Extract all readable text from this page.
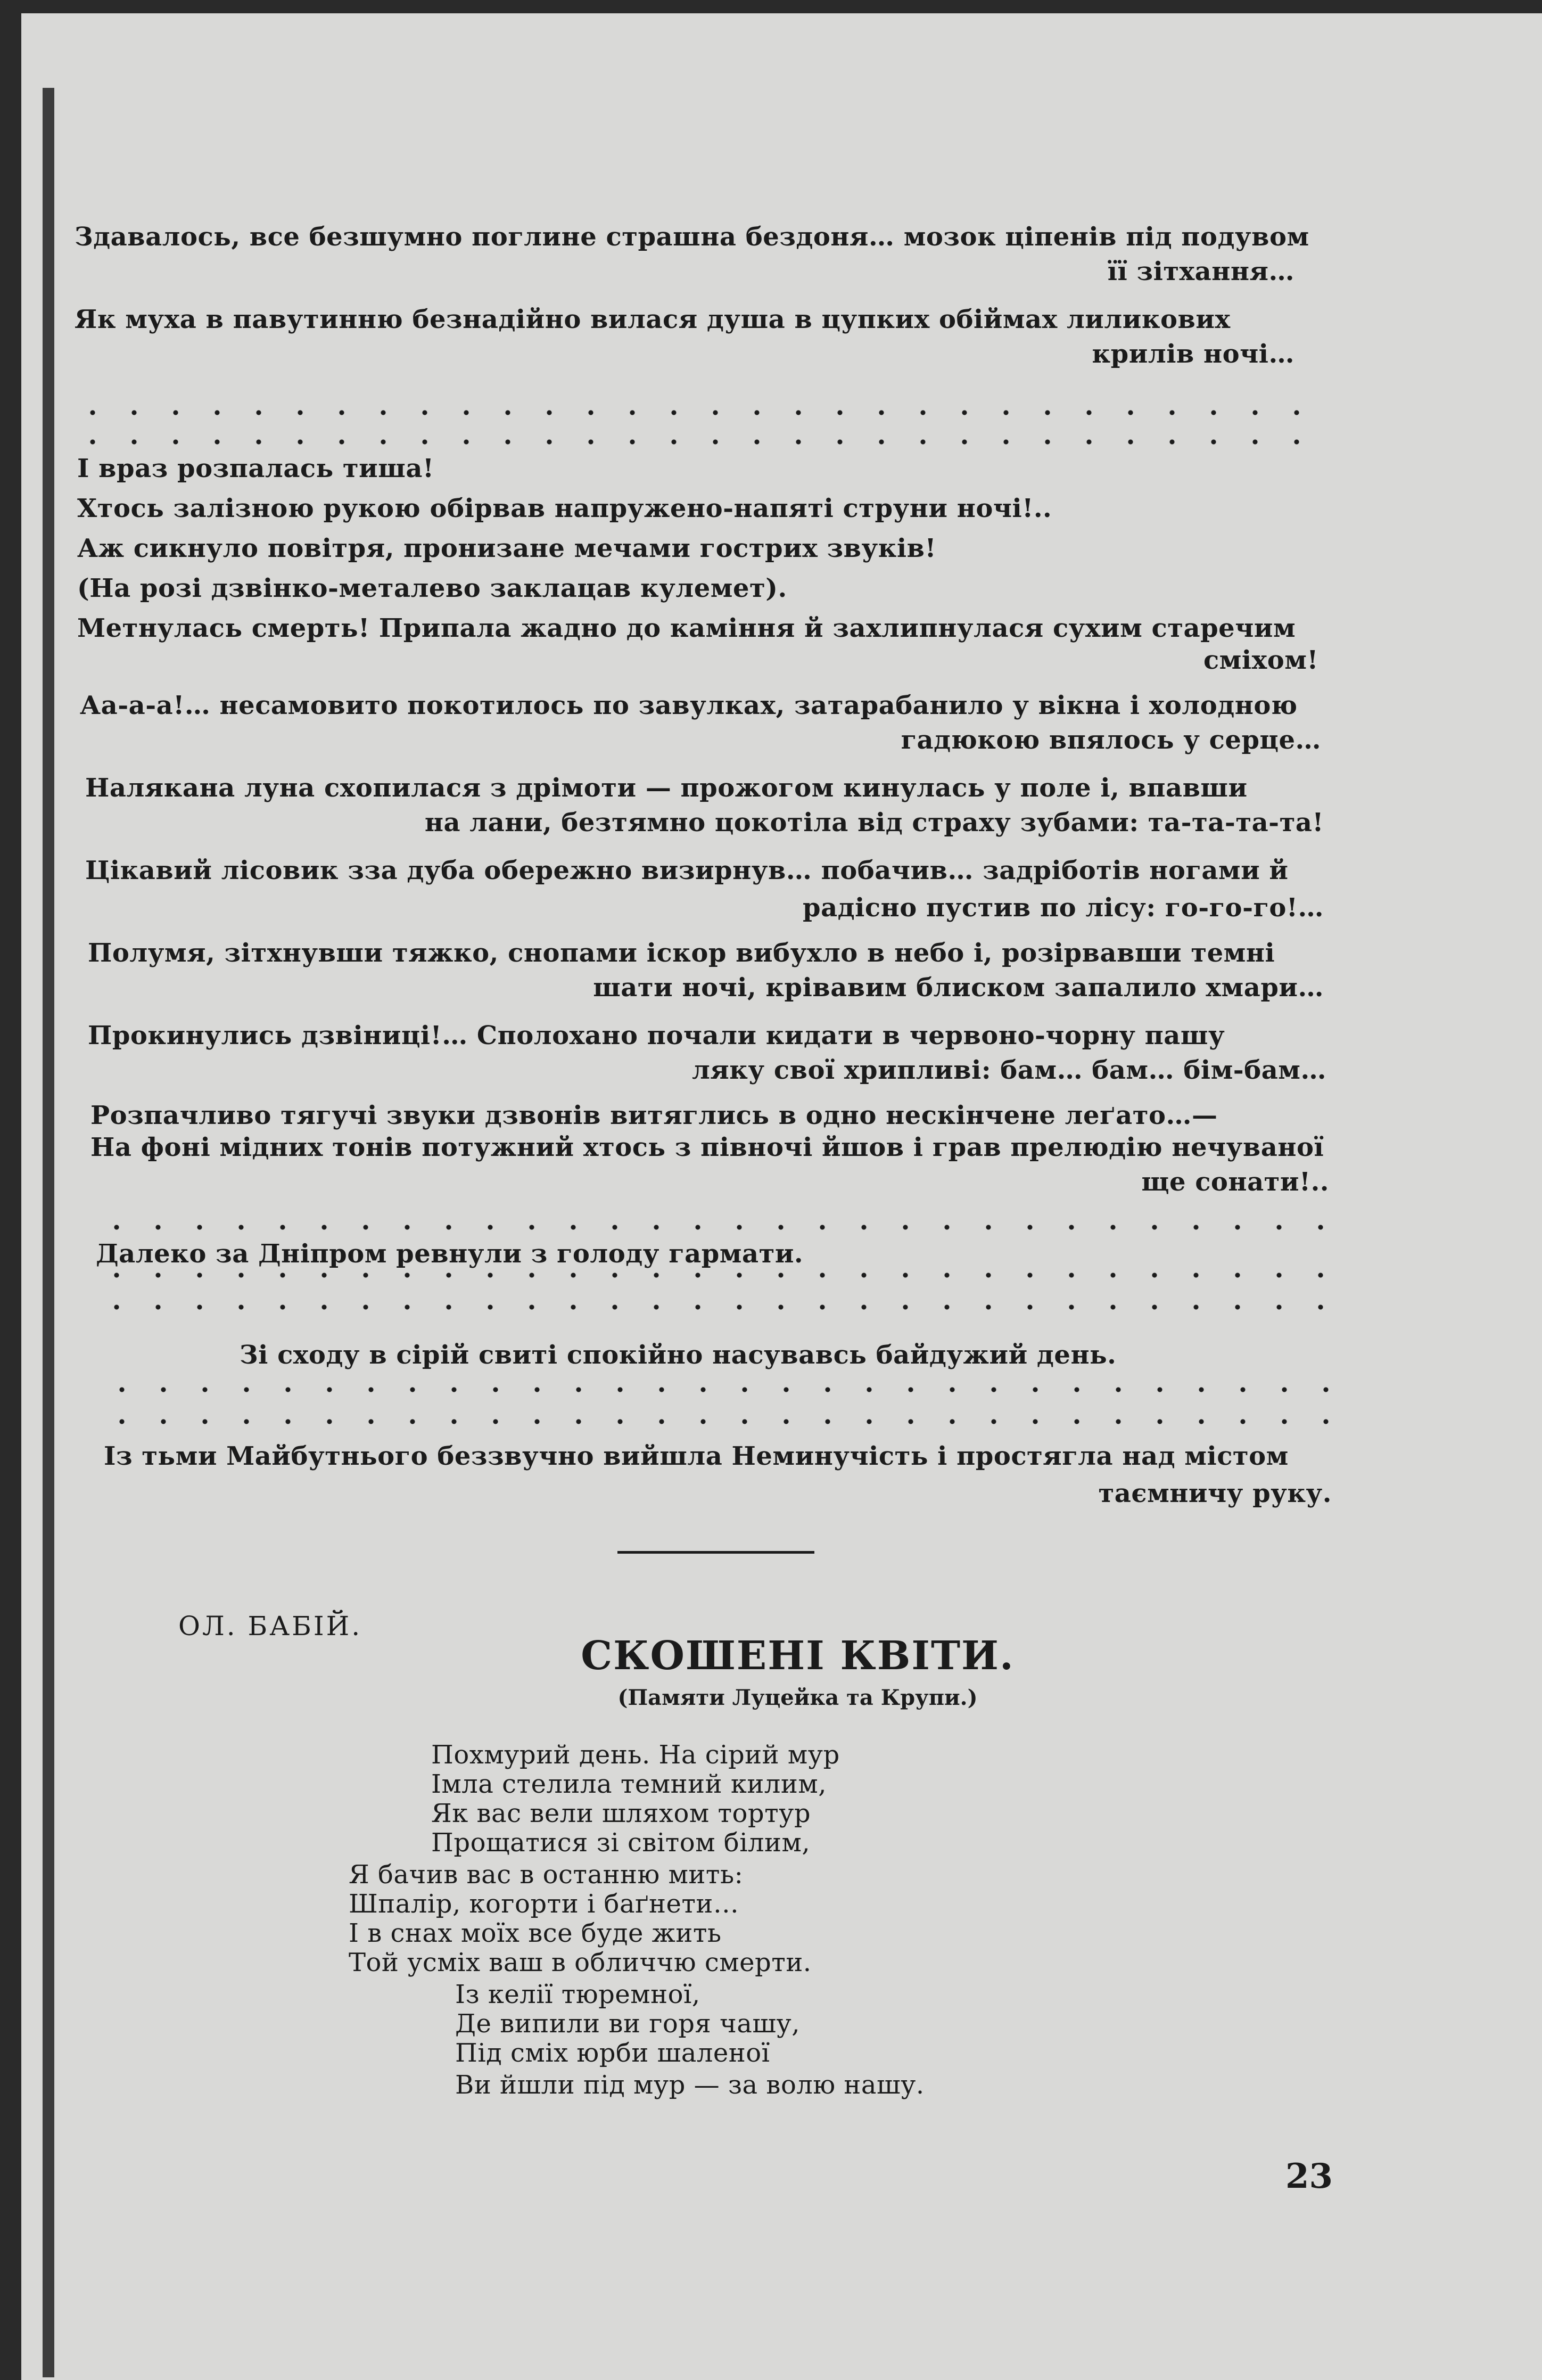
Здавалось, все безшумно поглине страшна бездоня… мозок ціпенів під подувом
її зітхання…
Як муха в павутинню безнадійно вилася душа в цупких обіймах лиликових
крилів ночі…
І враз розпалась тиша!
Хтось залізною рукою обірвав напружено-напяті струни ночі!..
Аж сикнуло повітря, пронизане мечами гострих звуків!
(На розі дзвінко-металево заклацав кулемет).
Метнулась смерть! Припала жадно до каміння й захлипнулася сухим старечим
сміхом!
Аа-а-а!… несамовито покотилось по завулках, затарабанило у вікна і холодною
гадюкою впялось у серце…
Налякана луна схопилася з дрімоти — прожогом кинулась у поле і, впавши
на лани, безтямно цокотіла від страху зубами: та-та-та-та!
Цікавий лісовик зза дуба обережно визирнув… побачив… задріботів ногами й
радісно пустив по лісу: го-го-го!…
Полумя, зітхнувши тяжко, снопами іскор вибухло в небо і, розірвавши темні
шати ночі, крівавим блиском запалило хмари…
Прокинулись дзвіниці!… Сполохано почали кидати в червоно-чорну пашу
ляку свої хрипливі: бам… бам… бім-бам…
Розпачливо тягучі звуки дзвонів витяглись в одно нескінчене леґато…—
На фоні мідних тонів потужний хтось з півночі йшов і грав прелюдію нечуваної
ще сонати!..
Далеко за Дніпром ревнули з голоду гармати.
Зі сходу в сірій свиті спокійно насувавсь байдужий день.
Із тьми Майбутнього беззвучно вийшла Неминучість і простягла над містом
таємничу руку.
ОЛ. БАБІЙ.
СКОШЕНІ КВІТИ.
(Памяти Луцейка та Крупи.)
Похмурий день. На сірий мур
Імла стелила темний килим,
Як вас вели шляхом тортур
Прощатися зі світом білим,
Я бачив вас в останню мить:
Шпалір, когорти і баґнети…
І в снах моїх все буде жить
Той усміх ваш в обличчю смерти.
Із келії тюремної,
Де випили ви горя чашу,
Під сміх юрби шаленої
Ви йшли під мур — за волю нашу.
23
